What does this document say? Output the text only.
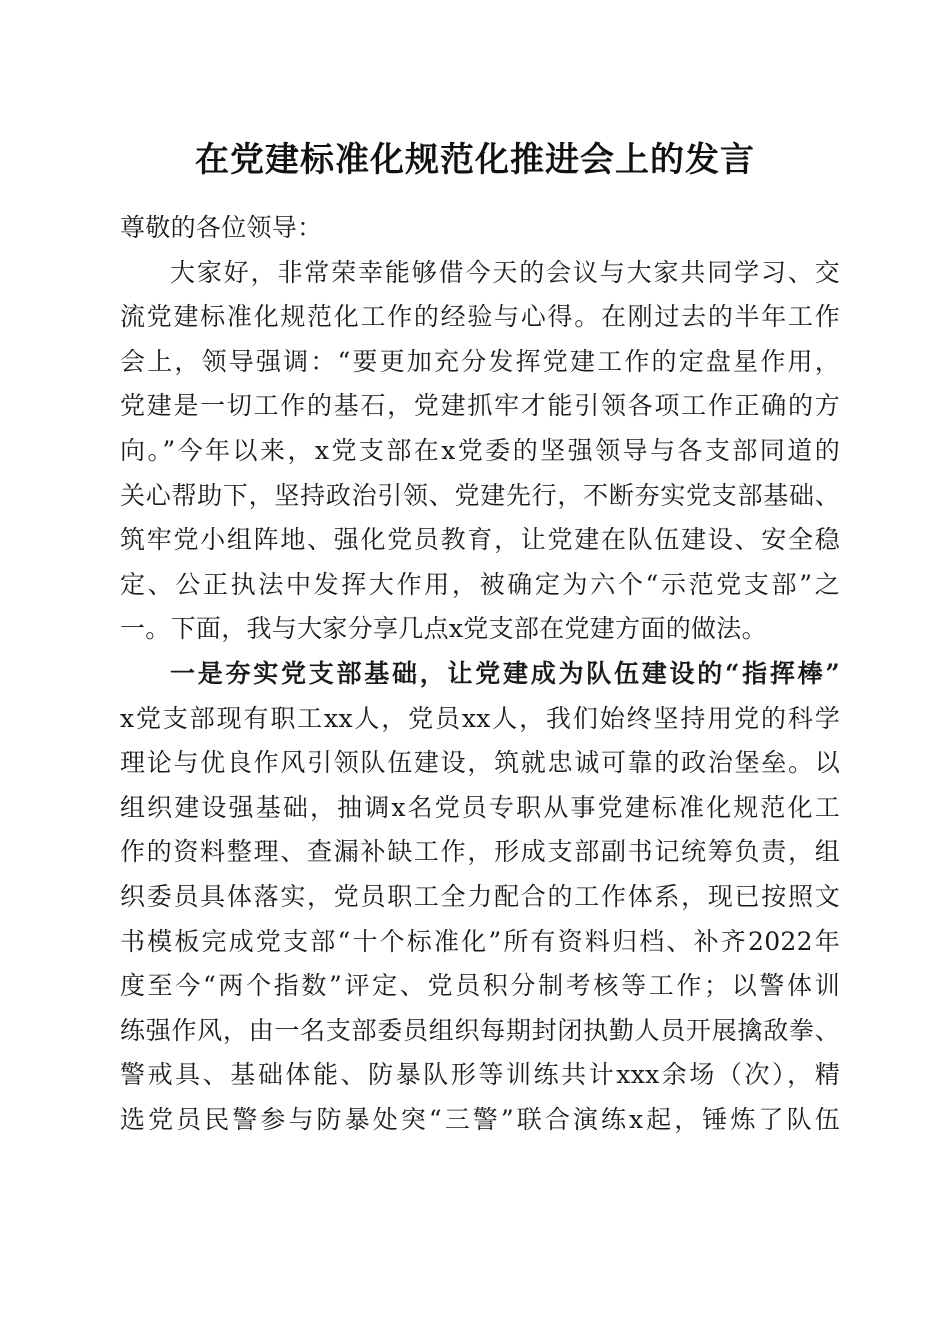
在党建标准化规范化推进会上的发言
尊敬的各位领导：
大家好，非常荣幸能够借今天的会议与大家共同学习、交
流党建标准化规范化工作的经验与心得。在刚过去的半年工作
会上，领导强调：“要更加充分发挥党建工作的定盘星作用，
党建是一切工作的基石，党建抓牢才能引领各项工作正确的方
向。”今年以来，x党支部在x党委的坚强领导与各支部同道的
关心帮助下，坚持政治引领、党建先行，不断夯实党支部基础、
筑牢党小组阵地、强化党员教育，让党建在队伍建设、安全稳
定、公正执法中发挥大作用，被确定为六个“示范党支部”之
一。下面，我与大家分享几点x党支部在党建方面的做法。
一是夯实党支部基础，让党建成为队伍建设的“指挥棒”
x党支部现有职工xx人，党员xx人，我们始终坚持用党的科学
理论与优良作风引领队伍建设，筑就忠诚可靠的政治堡垒。以
组织建设强基础，抽调x名党员专职从事党建标准化规范化工
作的资料整理、查漏补缺工作，形成支部副书记统筹负责，组
织委员具体落实，党员职工全力配合的工作体系，现已按照文
书模板完成党支部“十个标准化”所有资料归档、补齐2022年
度至今“两个指数”评定、党员积分制考核等工作；以警体训
练强作风，由一名支部委员组织每期封闭执勤人员开展擒敌拳、
警戒具、基础体能、防暴队形等训练共计xxx余场（次），精
选党员民警参与防暴处突“三警”联合演练x起，锤炼了队伍
